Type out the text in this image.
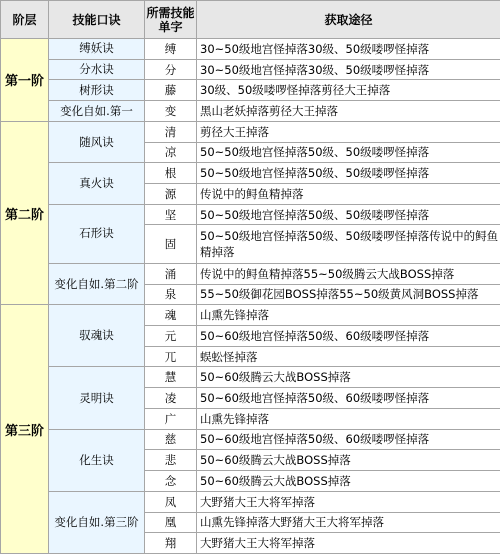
阶层	技能口诀	所需技能单字	获取途径
第一阶	缚妖诀	缚	30~50级地宫怪掉落30级、50级喽啰怪掉落
	分水诀	分	30~50级地宫怪掉落30级、50级喽啰怪掉落
	树形诀	藤	30级、50级喽啰怪掉落剪径大王掉落
	变化自如.第一	变	黑山老妖掉落剪径大王掉落
第二阶	随风诀	清	剪径大王掉落
		凉	50~50级地宫怪掉落50级、50级喽啰怪掉落
	真火诀	根	50~50级地宫怪掉落50级、50级喽啰怪掉落
		源	传说中的鲟鱼精掉落
	石形诀	坚	50~50级地宫怪掉落50级、50级喽啰怪掉落
		固	50~50级地宫怪掉落50级、50级喽啰怪掉落传说中的鲟鱼精掉落
	变化自如.第二阶	涌	传说中的鲟鱼精掉落55~50级腾云大战BOSS掉落
		泉	55~50级御花园BOSS掉落55~50级黄风洞BOSS掉落
第三阶	驭魂诀	魂	山熏先锋掉落
		元	50~60级地宫怪掉落50级、60级喽啰怪掉落
		兀	蜈蚣怪掉落
	灵明诀	慧	50~60级腾云大战BOSS掉落
		凌	50~60级地宫怪掉落50级、60级喽啰怪掉落
		广	山熏先锋掉落
	化生诀	慈	50~60级地宫怪掉落50级、60级喽啰怪掉落
		悲	50~60级腾云大战BOSS掉落
		念	50~60级腾云大战BOSS掉落
	变化自如.第三阶	凤	大野猪大王大将军掉落
		凰	山熏先锋掉落大野猪大王大将军掉落
		翔	大野猪大王大将军掉落
